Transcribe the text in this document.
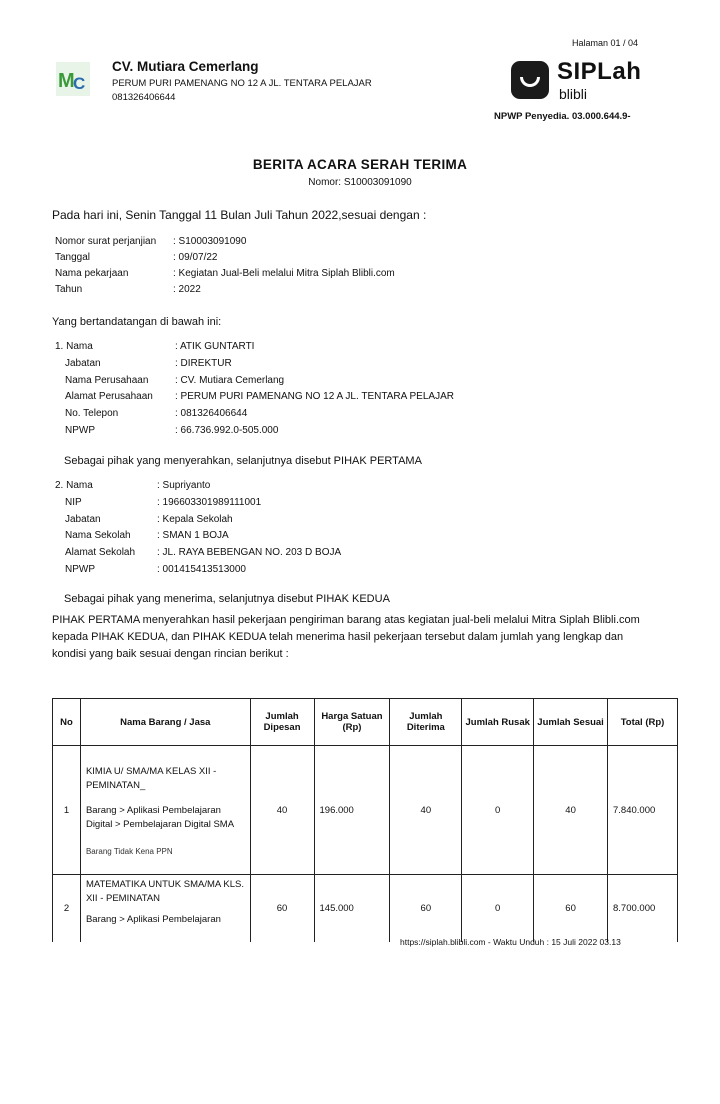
Halaman 01 / 04
M
C
CV. Mutiara Cemerlang
PERUM PURI PAMENANG NO 12 A JL. TENTARA PELAJAR
081326406644
SIPLah
blibli
NPWP Penyedia. 03.000.644.9-
BERITA ACARA SERAH TERIMA
Nomor: S10003091090
Pada hari ini, Senin Tanggal 11 Bulan Juli Tahun 2022,sesuai dengan :
Nomor surat perjanjian : S10003091090
Tanggal	: 09/07/22
Nama pekarjaan	: Kegiatan Jual-Beli melalui Mitra Siplah Blibli.com
Tahun	: 2022
Yang bertandatangan di bawah ini:
1. Nama	: ATIK GUNTARTI
Jabatan	: DIREKTUR
Nama Perusahaan	: CV. Mutiara Cemerlang
Alamat Perusahaan : PERUM PURI PAMENANG NO 12 A JL. TENTARA PELAJAR
No. Telepon	: 081326406644
NPWP	: 66.736.992.0-505.000
Sebagai pihak yang menyerahkan, selanjutnya disebut PIHAK PERTAMA
2. Nama	: Supriyanto
NIP	: 196603301989111001
Jabatan	: Kepala Sekolah
Nama Sekolah	: SMAN 1 BOJA
Alamat Sekolah : JL. RAYA BEBENGAN NO. 203 D BOJA
NPWP	: 001415413513000
Sebagai pihak yang menerima, selanjutnya disebut PIHAK KEDUA
PIHAK PERTAMA menyerahkan hasil pekerjaan pengiriman barang atas kegiatan jual-beli melalui Mitra Siplah Blibli.com kepada PIHAK KEDUA, dan PIHAK KEDUA telah menerima hasil pekerjaan tersebut dalam jumlah yang lengkap dan kondisi yang baik sesuai dengan rincian berikut :
No	Nama Barang / Jasa	Jumlah Dipesan	Harga Satuan (Rp)	Jumlah Diterima	Jumlah Rusak	Jumlah Sesuai	Total (Rp)
1	KIMIA U/ SMA/MA KELAS XII - PEMINATAN_
Barang > Aplikasi Pembelajaran Digital > Pembelajaran Digital SMA
Barang Tidak Kena PPN	40	196.000	40	0	40	7.840.000
2	MATEMATIKA UNTUK SMA/MA KLS. XII - PEMINATAN
Barang > Aplikasi Pembelajaran	60	145.000	60	0	60	8.700.000
https://siplah.blibli.com - Waktu Unduh : 15 Juli 2022 03.13
